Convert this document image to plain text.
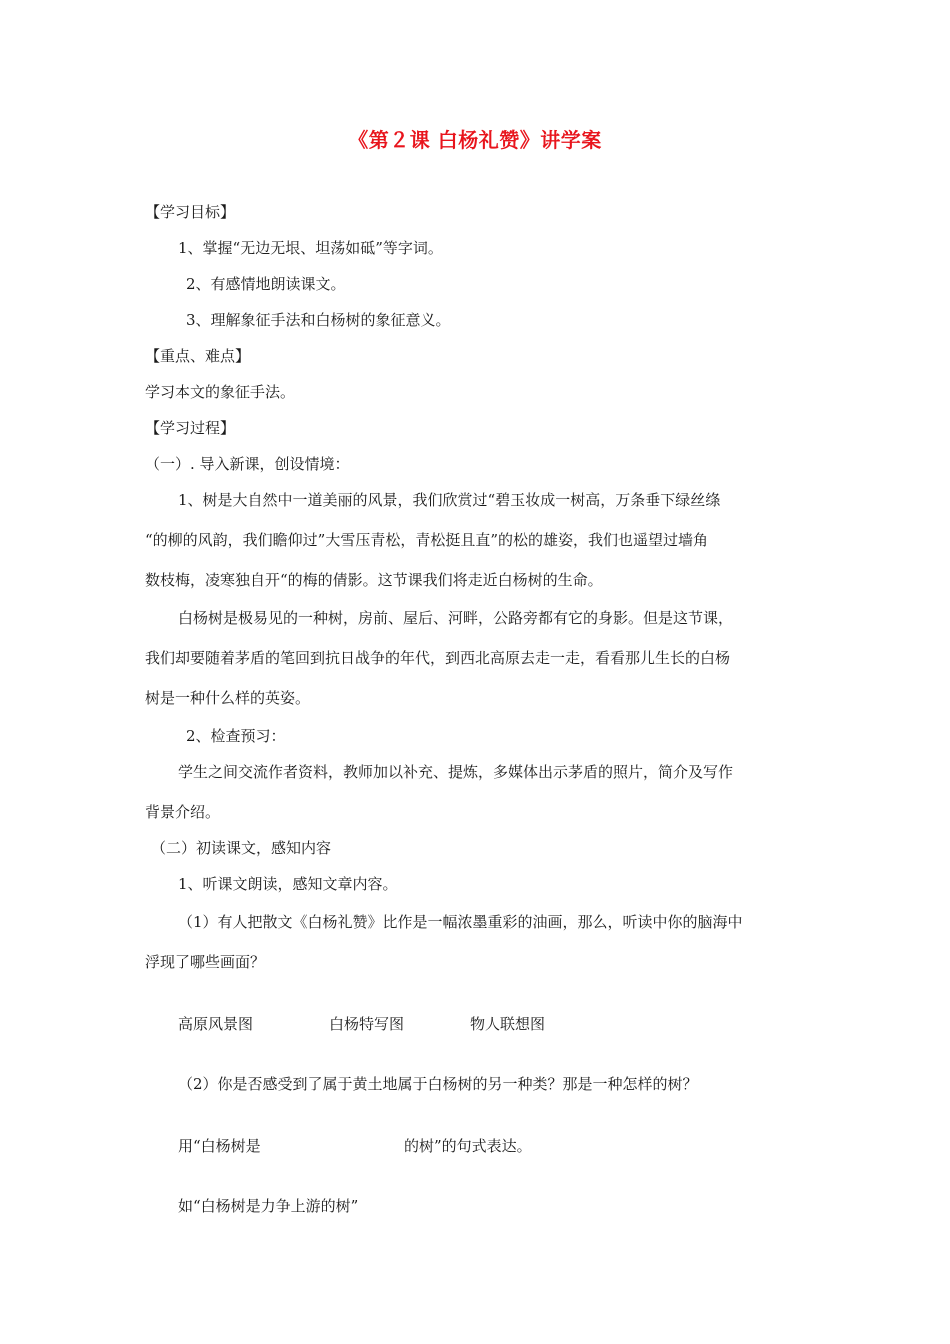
《第２课 白杨礼赞》讲学案

【学习目标】

1、掌握“无边无垠、坦荡如砥”等字词。

2、有感情地朗读课文。

3、理解象征手法和白杨树的象征意义。

【重点、难点】

学习本文的象征手法。

【学习过程】

（一）. 导入新课，创设情境：

1、树是大自然中一道美丽的风景，我们欣赏过“碧玉妆成一树高，万条垂下绿丝绦

“的柳的风韵，我们瞻仰过”大雪压青松，青松挺且直”的松的雄姿，我们也遥望过墙角

数枝梅，凌寒独自开“的梅的倩影。这节课我们将走近白杨树的生命。

白杨树是极易见的一种树，房前、屋后、河畔，公路旁都有它的身影。但是这节课，

我们却要随着茅盾的笔回到抗日战争的年代，到西北高原去走一走，看看那儿生长的白杨

树是一种什么样的英姿。

2、检查预习：

学生之间交流作者资料，教师加以补充、提炼，多媒体出示茅盾的照片，简介及写作

背景介绍。

（二）初读课文，感知内容

1、听课文朗读，感知文章内容。

（1）有人把散文《白杨礼赞》比作是一幅浓墨重彩的油画，那么，听读中你的脑海中

浮现了哪些画面？

高原风景图	白杨特写图	物人联想图

（2）你是否感受到了属于黄土地属于白杨树的另一种类？那是一种怎样的树？

用“白杨树是	的树”的句式表达。

如“白杨树是力争上游的树”
